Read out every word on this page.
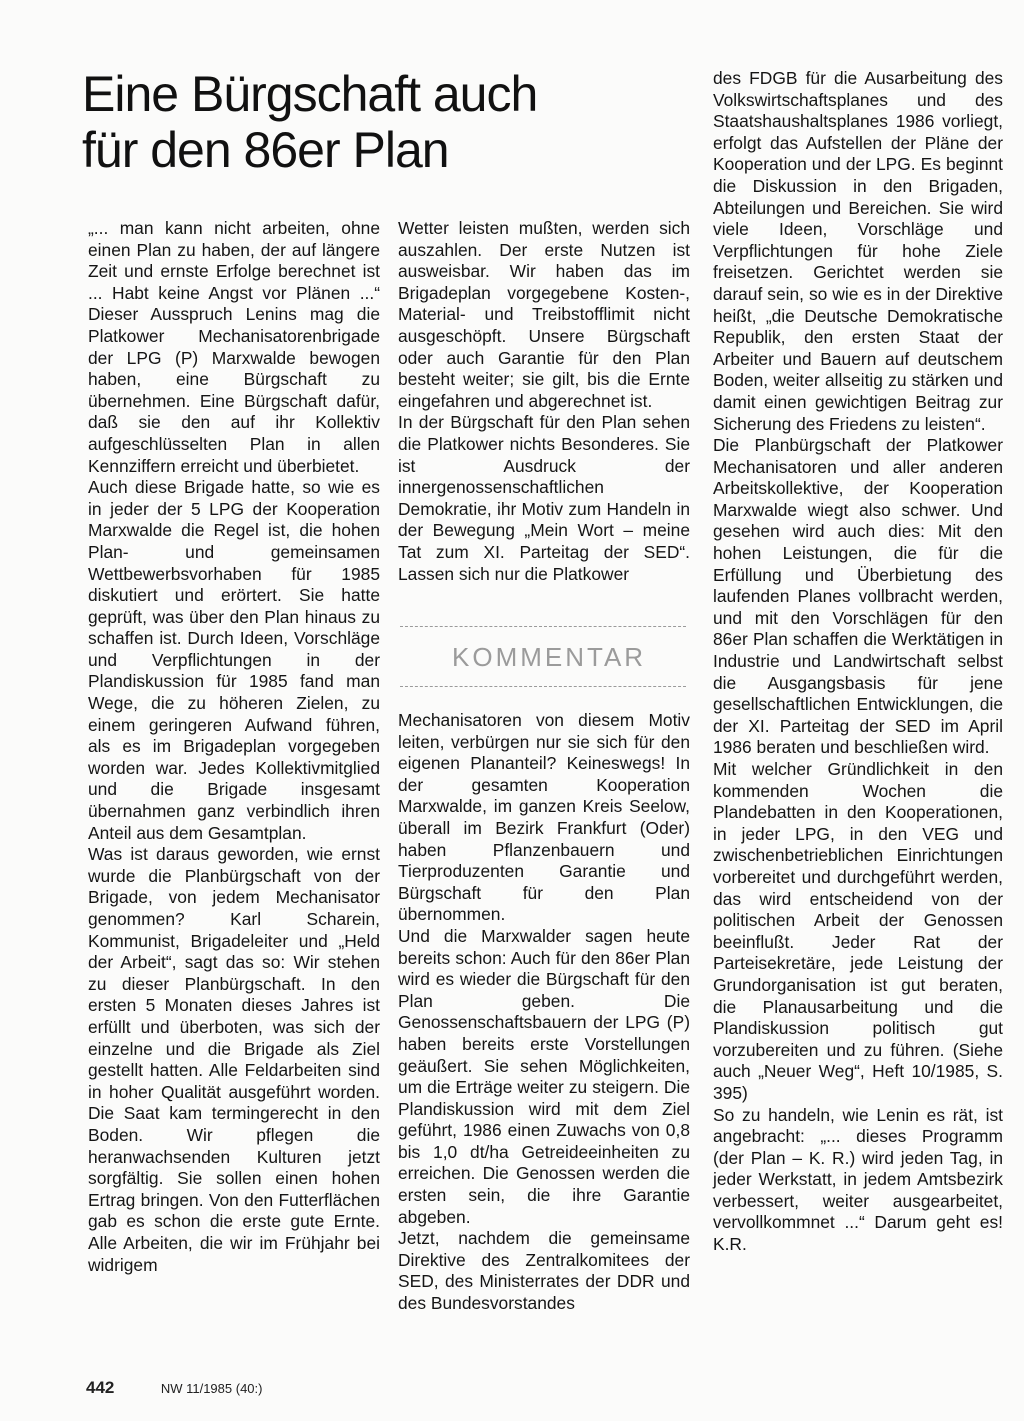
Eine Bürgschaft auch
für den 86er Plan

„... man kann nicht arbeiten, ohne einen Plan zu haben, der auf längere Zeit und ernste Erfolge berechnet ist ... Habt keine Angst vor Plänen ...“ Dieser Ausspruch Lenins mag die Platkower Mechanisatorenbrigade der LPG (P) Marxwalde bewogen haben, eine Bürgschaft zu übernehmen. Eine Bürgschaft dafür, daß sie den auf ihr Kollektiv aufgeschlüsselten Plan in allen Kennziffern erreicht und überbietet.

Auch diese Brigade hatte, so wie es in jeder der 5 LPG der Kooperation Marxwalde die Regel ist, die hohen Plan- und gemeinsamen Wettbewerbsvorhaben für 1985 diskutiert und erörtert. Sie hatte geprüft, was über den Plan hinaus zu schaffen ist. Durch Ideen, Vorschläge und Verpflichtungen in der Plandiskussion für 1985 fand man Wege, die zu höheren Zielen, zu einem geringeren Aufwand führen, als es im Brigadeplan vorgegeben worden war. Jedes Kollektivmitglied und die Brigade insgesamt übernahmen ganz verbindlich ihren Anteil aus dem Gesamtplan.

Was ist daraus geworden, wie ernst wurde die Planbürgschaft von der Brigade, von jedem Mechanisator genommen? Karl Scharein, Kommunist, Brigadeleiter und „Held der Arbeit“, sagt das so: Wir stehen zu dieser Planbürgschaft. In den ersten 5 Monaten dieses Jahres ist erfüllt und überboten, was sich der einzelne und die Brigade als Ziel gestellt hatten. Alle Feldarbeiten sind in hoher Qualität ausgeführt worden. Die Saat kam termingerecht in den Boden. Wir pflegen die heranwachsenden Kulturen jetzt sorgfältig. Sie sollen einen hohen Ertrag bringen. Von den Futterflächen gab es schon die erste gute Ernte. Alle Arbeiten, die wir im Frühjahr bei widrigem

Wetter leisten mußten, werden sich auszahlen. Der erste Nutzen ist ausweisbar. Wir haben das im Brigadeplan vorgegebene Kosten-, Material- und Treibstofflimit nicht ausgeschöpft. Unsere Bürgschaft oder auch Garantie für den Plan besteht weiter; sie gilt, bis die Ernte eingefahren und abgerechnet ist.

In der Bürgschaft für den Plan sehen die Platkower nichts Besonderes. Sie ist Ausdruck der innergenossenschaftlichen Demokratie, ihr Motiv zum Handeln in der Bewegung „Mein Wort – meine Tat zum XI. Parteitag der SED“. Lassen sich nur die Platkower

KOMMENTAR

Mechanisatoren von diesem Motiv leiten, verbürgen nur sie sich für den eigenen Plananteil? Keineswegs! In der gesamten Kooperation Marxwalde, im ganzen Kreis Seelow, überall im Bezirk Frankfurt (Oder) haben Pflanzenbauern und Tierproduzenten Garantie und Bürgschaft für den Plan übernommen.

Und die Marxwalder sagen heute bereits schon: Auch für den 86er Plan wird es wieder die Bürgschaft für den Plan geben. Die Genossenschaftsbauern der LPG (P) haben bereits erste Vorstellungen geäußert. Sie sehen Möglichkeiten, um die Erträge weiter zu steigern. Die Plandiskussion wird mit dem Ziel geführt, 1986 einen Zuwachs von 0,8 bis 1,0 dt/ha Getreideeinheiten zu erreichen. Die Genossen werden die ersten sein, die ihre Garantie abgeben.

Jetzt, nachdem die gemeinsame Direktive des Zentralkomitees der SED, des Ministerrates der DDR und des Bundesvorstandes

des FDGB für die Ausarbeitung des Volkswirtschaftsplanes und des Staatshaushaltsplanes 1986 vorliegt, erfolgt das Aufstellen der Pläne der Kooperation und der LPG. Es beginnt die Diskussion in den Brigaden, Abteilungen und Bereichen. Sie wird viele Ideen, Vorschläge und Verpflichtungen für hohe Ziele freisetzen. Gerichtet werden sie darauf sein, so wie es in der Direktive heißt, „die Deutsche Demokratische Republik, den ersten Staat der Arbeiter und Bauern auf deutschem Boden, weiter allseitig zu stärken und damit einen gewichtigen Beitrag zur Sicherung des Friedens zu leisten“.

Die Planbürgschaft der Platkower Mechanisatoren und aller anderen Arbeitskollektive, der Kooperation Marxwalde wiegt also schwer. Und gesehen wird auch dies: Mit den hohen Leistungen, die für die Erfüllung und Überbietung des laufenden Planes vollbracht werden, und mit den Vorschlägen für den 86er Plan schaffen die Werktätigen in Industrie und Landwirtschaft selbst die Ausgangsbasis für jene gesellschaftlichen Entwicklungen, die der XI. Parteitag der SED im April 1986 beraten und beschließen wird.

Mit welcher Gründlichkeit in den kommenden Wochen die Plandebatten in den Kooperationen, in jeder LPG, in den VEG und zwischenbetrieblichen Einrichtungen vorbereitet und durchgeführt werden, das wird entscheidend von der politischen Arbeit der Genossen beeinflußt. Jeder Rat der Parteisekretäre, jede Leistung der Grundorganisation ist gut beraten, die Planausarbeitung und die Plandiskussion politisch gut vorzubereiten und zu führen. (Siehe auch „Neuer Weg“, Heft 10/1985, S. 395)

So zu handeln, wie Lenin es rät, ist angebracht: „... dieses Programm (der Plan – K. R.) wird jeden Tag, in jeder Werkstatt, in jedem Amtsbezirk verbessert, weiter ausgearbeitet, vervollkommnet ...“ Darum geht es! K.R.

442	NW 11/1985 (40:)
